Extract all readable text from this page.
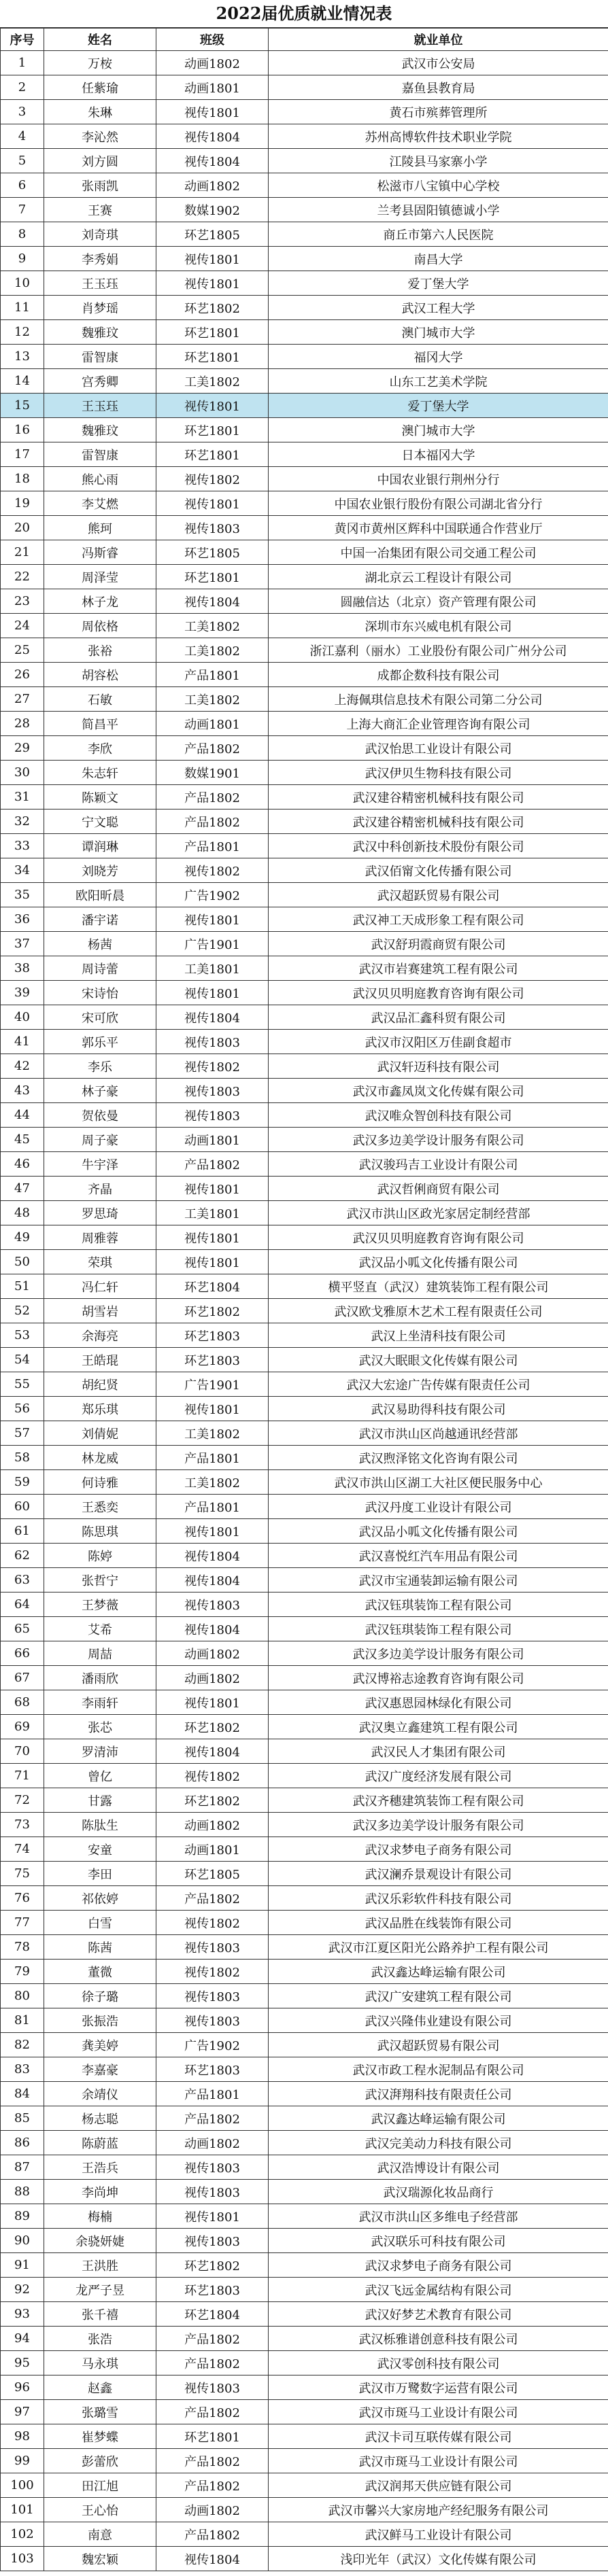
2022届优质就业情况表
序号	姓名	班级	就业单位
1	万桉	动画1802	武汉市公安局
2	任紫瑜	动画1801	嘉鱼县教育局
3	朱琳	视传1801	黄石市殡葬管理所
4	李沁然	视传1804	苏州高博软件技术职业学院
5	刘方圆	视传1804	江陵县马家寨小学
6	张雨凯	动画1802	松滋市八宝镇中心学校
7	王赛	数媒1902	兰考县固阳镇德诚小学
8	刘奇琪	环艺1805	商丘市第六人民医院
9	李秀娟	视传1801	南昌大学
10	王玉珏	视传1801	爱丁堡大学
11	肖梦瑶	环艺1802	武汉工程大学
12	魏雅玟	环艺1801	澳门城市大学
13	雷智康	环艺1801	福冈大学
14	宫秀卿	工美1802	山东工艺美术学院
15	王玉珏	视传1801	爱丁堡大学
16	魏雅玟	环艺1801	澳门城市大学
17	雷智康	环艺1801	日本福冈大学
18	熊心雨	视传1802	中国农业银行荆州分行
19	李艾燃	视传1801	中国农业银行股份有限公司湖北省分行
20	熊珂	视传1803	黄冈市黄州区辉科中国联通合作营业厅
21	冯斯睿	环艺1805	中国一冶集团有限公司交通工程公司
22	周泽莹	环艺1801	湖北京云工程设计有限公司
23	林子龙	视传1804	圆融信达（北京）资产管理有限公司
24	周依格	工美1802	深圳市东兴威电机有限公司
25	张裕	工美1802	浙江嘉利（丽水）工业股份有限公司广州分公司
26	胡容松	产品1801	成都企数科技有限公司
27	石敏	工美1802	上海佩琪信息技术有限公司第二分公司
28	简昌平	动画1801	上海大商汇企业管理咨询有限公司
29	李欣	产品1802	武汉怡思工业设计有限公司
30	朱志轩	数媒1901	武汉伊贝生物科技有限公司
31	陈颖文	产品1802	武汉建谷精密机械科技有限公司
32	宁文聪	产品1802	武汉建谷精密机械科技有限公司
33	谭润琳	产品1801	武汉中科创新技术股份有限公司
34	刘晓芳	视传1802	武汉佰甯文化传播有限公司
35	欧阳昕晨	广告1902	武汉超跃贸易有限公司
36	潘宇诺	视传1801	武汉神工天成形象工程有限公司
37	杨茜	广告1901	武汉舒玥霞商贸有限公司
38	周诗蕾	工美1801	武汉市岩赛建筑工程有限公司
39	宋诗怡	视传1801	武汉贝贝明庭教育咨询有限公司
40	宋可欣	视传1804	武汉品汇鑫科贸有限公司
41	郭乐平	视传1803	武汉市汉阳区万佳副食超市
42	李乐	视传1802	武汉轩迈科技有限公司
43	林子豪	视传1803	武汉市鑫凤岚文化传媒有限公司
44	贺依曼	视传1803	武汉唯众智创科技有限公司
45	周子豪	动画1801	武汉多边美学设计服务有限公司
46	牛宇泽	产品1802	武汉骏玛吉工业设计有限公司
47	齐晶	视传1801	武汉哲俐商贸有限公司
48	罗思琦	工美1801	武汉市洪山区政光家居定制经营部
49	周雅蓉	视传1801	武汉贝贝明庭教育咨询有限公司
50	荣琪	视传1801	武汉品小呱文化传播有限公司
51	冯仁轩	环艺1804	横平竖直（武汉）建筑装饰工程有限公司
52	胡雪岩	环艺1802	武汉欧戈雅原木艺术工程有限责任公司
53	余海亮	环艺1803	武汉上坐清科技有限公司
54	王皓琨	环艺1803	武汉大眠眼文化传媒有限公司
55	胡纪贤	广告1901	武汉大宏途广告传媒有限责任公司
56	郑乐琪	视传1801	武汉易助得科技有限公司
57	刘倩妮	工美1802	武汉市洪山区尚越通讯经营部
58	林龙威	产品1801	武汉煦泽铭文化咨询有限公司
59	何诗雅	工美1802	武汉市洪山区湖工大社区便民服务中心
60	王悉奕	产品1801	武汉丹度工业设计有限公司
61	陈思琪	视传1801	武汉品小呱文化传播有限公司
62	陈婷	视传1804	武汉喜悦红汽车用品有限公司
63	张哲宁	视传1804	武汉市宝通装卸运输有限公司
64	王梦薇	视传1803	武汉钰琪装饰工程有限公司
65	艾希	视传1804	武汉钰琪装饰工程有限公司
66	周喆	动画1802	武汉多边美学设计服务有限公司
67	潘雨欣	动画1802	武汉博裕志途教育咨询有限公司
68	李雨轩	视传1801	武汉惠恩园林绿化有限公司
69	张芯	环艺1802	武汉奥立鑫建筑工程有限公司
70	罗清沛	视传1804	武汉民人才集团有限公司
71	曾亿	视传1802	武汉广度经济发展有限公司
72	甘露	环艺1802	武汉齐穗建筑装饰工程有限公司
73	陈肽生	动画1802	武汉多边美学设计服务有限公司
74	安童	动画1801	武汉求梦电子商务有限公司
75	李田	环艺1805	武汉澜乔景观设计有限公司
76	祁依婷	产品1802	武汉乐彩软件科技有限公司
77	白雪	视传1802	武汉品胜在线装饰有限公司
78	陈茜	视传1803	武汉市江夏区阳光公路养护工程有限公司
79	董微	视传1802	武汉鑫达峰运输有限公司
80	徐子璐	视传1803	武汉广安建筑工程有限公司
81	张振浩	视传1803	武汉兴隆伟业建设有限公司
82	龚美婷	广告1902	武汉超跃贸易有限公司
83	李嘉豪	环艺1803	武汉市政工程水泥制品有限公司
84	余靖仪	产品1801	武汉湃翔科技有限责任公司
85	杨志聪	产品1802	武汉鑫达峰运输有限公司
86	陈蔚蓝	动画1802	武汉完美动力科技有限公司
87	王浩兵	视传1803	武汉浩博设计有限公司
88	李尚坤	视传1803	武汉瑞源化妆品商行
89	梅楠	视传1801	武汉市洪山区多维电子经营部
90	余骁妍婕	视传1803	武汉联乐可科技有限公司
91	王洪胜	环艺1802	武汉求梦电子商务有限公司
92	龙严子昱	环艺1803	武汉飞远金属结构有限公司
93	张千禧	环艺1804	武汉好梦艺术教育有限公司
94	张浩	产品1802	武汉栎雅谱创意科技有限公司
95	马永琪	产品1802	武汉零创科技有限公司
96	赵鑫	视传1803	武汉市万鹭数字运营有限公司
97	张璐雪	产品1802	武汉市斑马工业设计有限公司
98	崔梦蝶	环艺1801	武汉卡司互联传媒有限公司
99	彭蕾欣	产品1802	武汉市斑马工业设计有限公司
100	田江旭	产品1802	武汉润邦天供应链有限公司
101	王心怡	动画1802	武汉市馨兴大家房地产经纪服务有限公司
102	南意	产品1802	武汉鲜马工业设计有限公司
103	魏宏颖	视传1804	浅印光年（武汉）文化传媒有限公司
